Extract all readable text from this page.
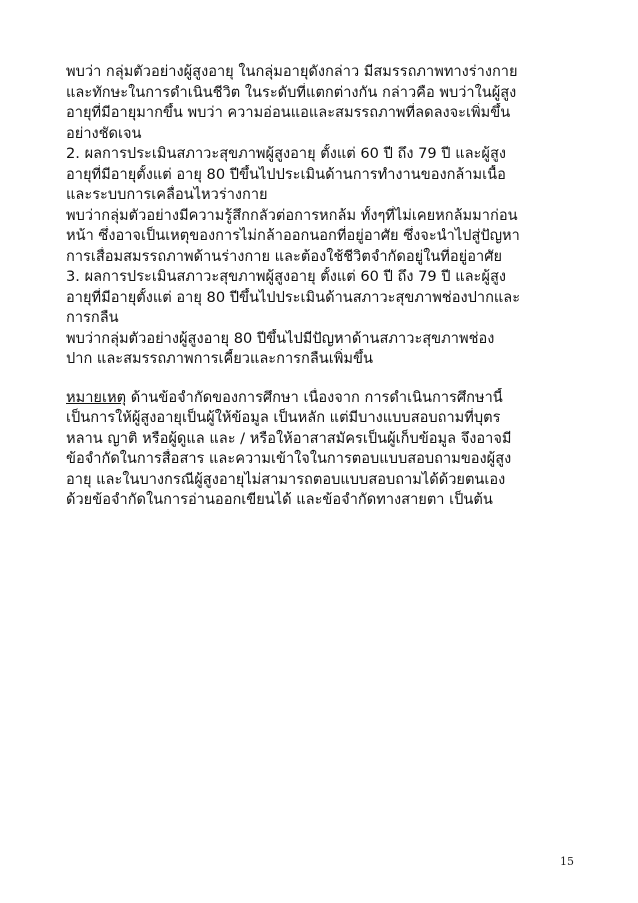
พบว่า กลุ่มตัวอย่างผู้สูงอายุ ในกลุ่มอายุดังกล่าว มีสมรรถภาพทางร่างกาย
และทักษะในการดำเนินชีวิต ในระดับที่แตกต่างกัน กล่าวคือ พบว่าในผู้สูง
อายุที่มีอายุมากขึ้น พบว่า ความอ่อนแอและสมรรถภาพที่ลดลงจะเพิ่มขึ้น
อย่างชัดเจน
2. ผลการประเมินสภาวะสุขภาพผู้สูงอายุ ตั้งแต่ 60 ปี ถึง 79 ปี และผู้สูง
อายุที่มีอายุตั้งแต่ อายุ 80 ปีขึ้นไปประเมินด้านการทำงานของกล้ามเนื้อ
และระบบการเคลื่อนไหวร่างกาย
พบว่ากลุ่มตัวอย่างมีความรู้สึกกลัวต่อการหกล้ม ทั้งๆที่ไม่เคยหกล้มมาก่อน
หน้า ซึ่งอาจเป็นเหตุของการไม่กล้าออกนอกที่อยู่อาศัย ซึ่งจะนำไปสู่ปัญหา
การเสื่อมสมรรถภาพด้านร่างกาย และต้องใช้ชีวิตจำกัดอยู่ในที่อยู่อาศัย
3. ผลการประเมินสภาวะสุขภาพผู้สูงอายุ ตั้งแต่ 60 ปี ถึง 79 ปี และผู้สูง
อายุที่มีอายุตั้งแต่ อายุ 80 ปีขึ้นไปประเมินด้านสภาวะสุขภาพช่องปากและ
การกลืน
พบว่ากลุ่มตัวอย่างผู้สูงอายุ 80 ปีขึ้นไปมีปัญหาด้านสภาวะสุขภาพช่อง
ปาก และสมรรถภาพการเคี้ยวและการกลืนเพิ่มขึ้น
หมายเหตุ ด้านข้อจำกัดของการศึกษา เนื่องจาก การดำเนินการศึกษานี้
เป็นการให้ผู้สูงอายุเป็นผู้ให้ข้อมูล เป็นหลัก แต่มีบางแบบสอบถามที่บุตร
หลาน ญาติ หรือผู้ดูแล และ / หรือให้อาสาสมัครเป็นผู้เก็บข้อมูล จึงอาจมี
ข้อจำกัดในการสื่อสาร และความเข้าใจในการตอบแบบสอบถามของผู้สูง
อายุ และในบางกรณีผู้สูงอายุไม่สามารถตอบแบบสอบถามได้ด้วยตนเอง
ด้วยข้อจำกัดในการอ่านออกเขียนได้ และข้อจำกัดทางสายตา เป็นต้น
15
